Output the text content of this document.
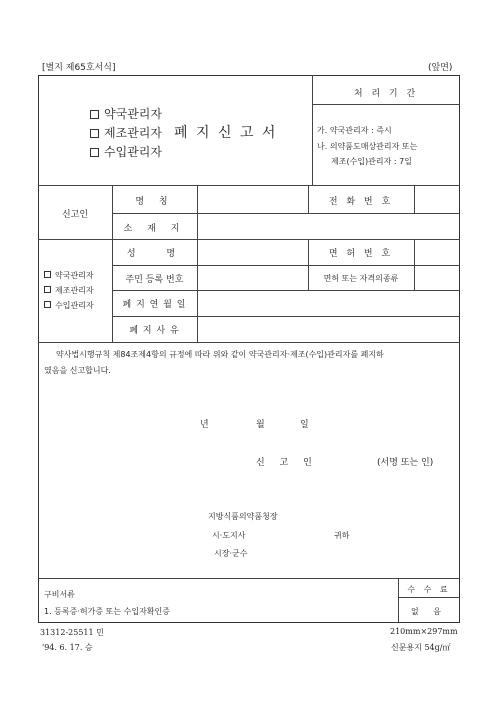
[별지 제65호서식]	(앞면)
약국관리자
제조관리자
수입관리자
폐 지 신 고 서
처 리 기 간
가. 약국관리자 : 즉시
나. 의약품도매상관리자 또는
제조(수입)관리자 : 7일
신고인
명 칭	전 화 번 호
소 재 지
약국관리자
제조관리자
수입관리자
성 명	면 허 번 호
주민 등록 번호	면허 또는 자격의종류
폐 지 연 월 일
폐 지 사 유
약사법시행규칙 제84조제4항의 규정에 따라 위와 같이 약국관리자·제조(수입)관리자를 폐지하
였음을 신고합니다.
년	월	일
신 고 인	(서명 또는 인)
지방식품의약품청장
시·도지사
시장·군수
귀하
구비서류
1. 등록증·허가증 또는 수입자확인증
수 수 료
없 음
31312-25511 민
'94. 6. 17. 승
210mm×297mm
신문용지 54g/㎡
